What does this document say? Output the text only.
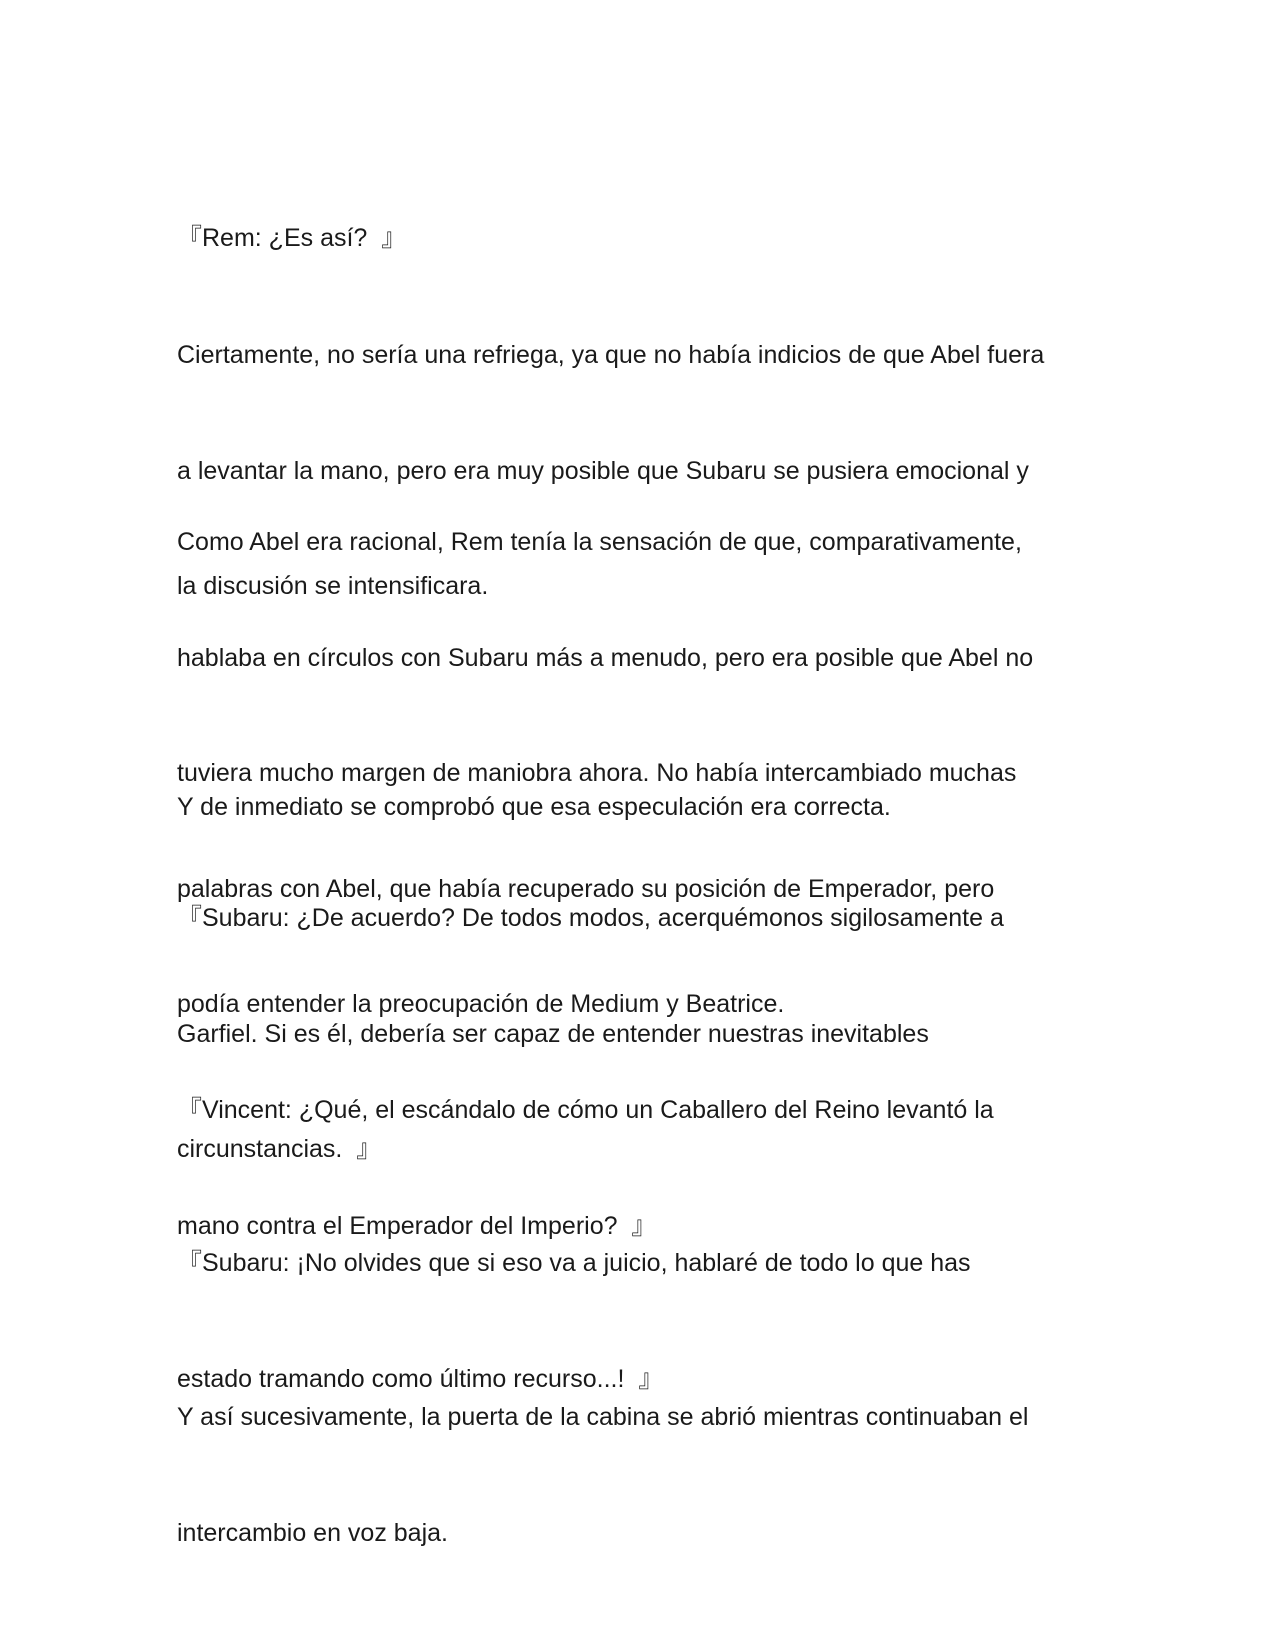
『Rem: ¿Es así?  』

Ciertamente, no sería una refriega, ya que no había indicios de que Abel fuera

a levantar la mano, pero era muy posible que Subaru se pusiera emocional y

la discusión se intensificara.

Como Abel era racional, Rem tenía la sensación de que, comparativamente,

hablaba en círculos con Subaru más a menudo, pero era posible que Abel no

tuviera mucho margen de maniobra ahora. No había intercambiado muchas

palabras con Abel, que había recuperado su posición de Emperador, pero

podía entender la preocupación de Medium y Beatrice.

Y de inmediato se comprobó que esa especulación era correcta.

『Subaru: ¿De acuerdo? De todos modos, acerquémonos sigilosamente a

Garfiel. Si es él, debería ser capaz de entender nuestras inevitables

circunstancias.  』

『Vincent: ¿Qué, el escándalo de cómo un Caballero del Reino levantó la

mano contra el Emperador del Imperio?  』

『Subaru: ¡No olvides que si eso va a juicio, hablaré de todo lo que has

estado tramando como último recurso...!  』

Y así sucesivamente, la puerta de la cabina se abrió mientras continuaban el

intercambio en voz baja.
